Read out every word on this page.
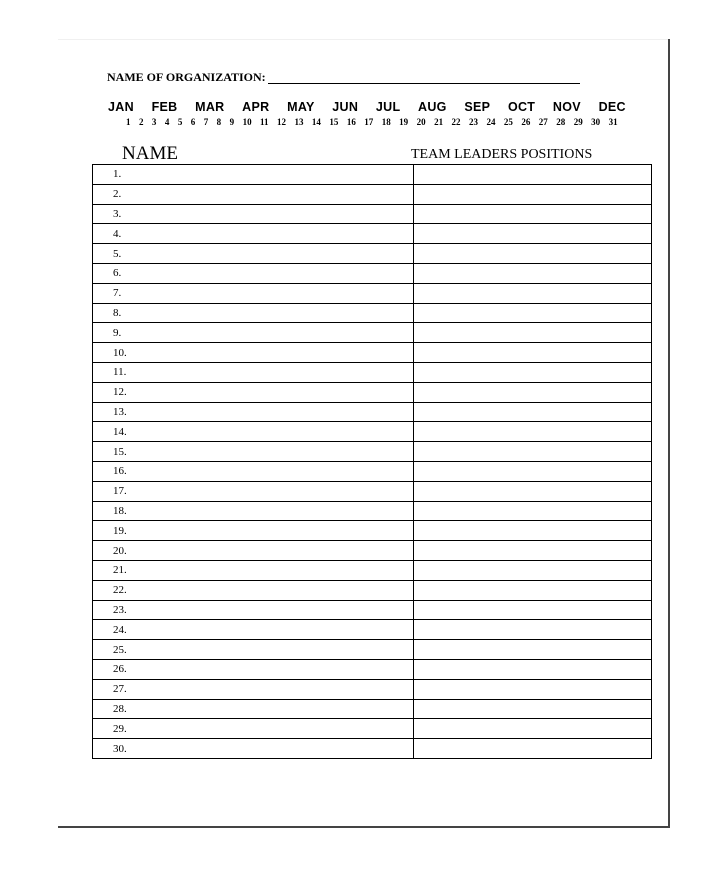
NAME OF ORGANIZATION:
JAN FEB MAR APR MAY JUN JUL AUG SEP OCT NOV DEC
1 2 3 4 5 6 7 8 9 10 11 12 13 14 15 16 17 18 19 20 21 22 23 24 25 26 27 28 29 30 31
NAME	TEAM LEADERS POSITIONS
1.	
2.	
3.	
4.	
5.	
6.	
7.	
8.	
9.	
10.	
11.	
12.	
13.	
14.	
15.	
16.	
17.	
18.	
19.	
20.	
21.	
22.	
23.	
24.	
25.	
26.	
27.	
28.	
29.	
30.	
